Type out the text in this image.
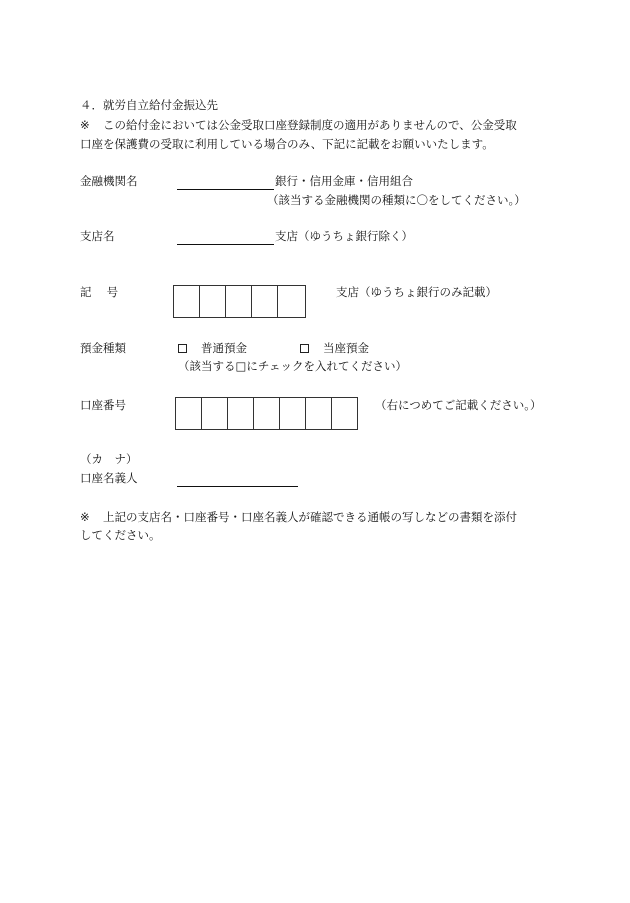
４．就労自立給付金振込先
※ この給付金においては公金受取口座登録制度の適用がありませんので、公金受取
口座を保護費の受取に利用している場合のみ、下記に記載をお願いいたします。
金融機関名	銀行・信用金庫・信用組合
（該当する金融機関の種類に〇をしてください。）
支店名	支店（ゆうちょ銀行除く）
記　 号	支店（ゆうちょ銀行のみ記載）
預金種類	普通預金	当座預金
（該当する□にチェックを入れてください）
口座番号	（右につめてご記載ください。）
（カ　ナ）
口座名義人
※ 上記の支店名・口座番号・口座名義人が確認できる通帳の写しなどの書類を添付
してください。
